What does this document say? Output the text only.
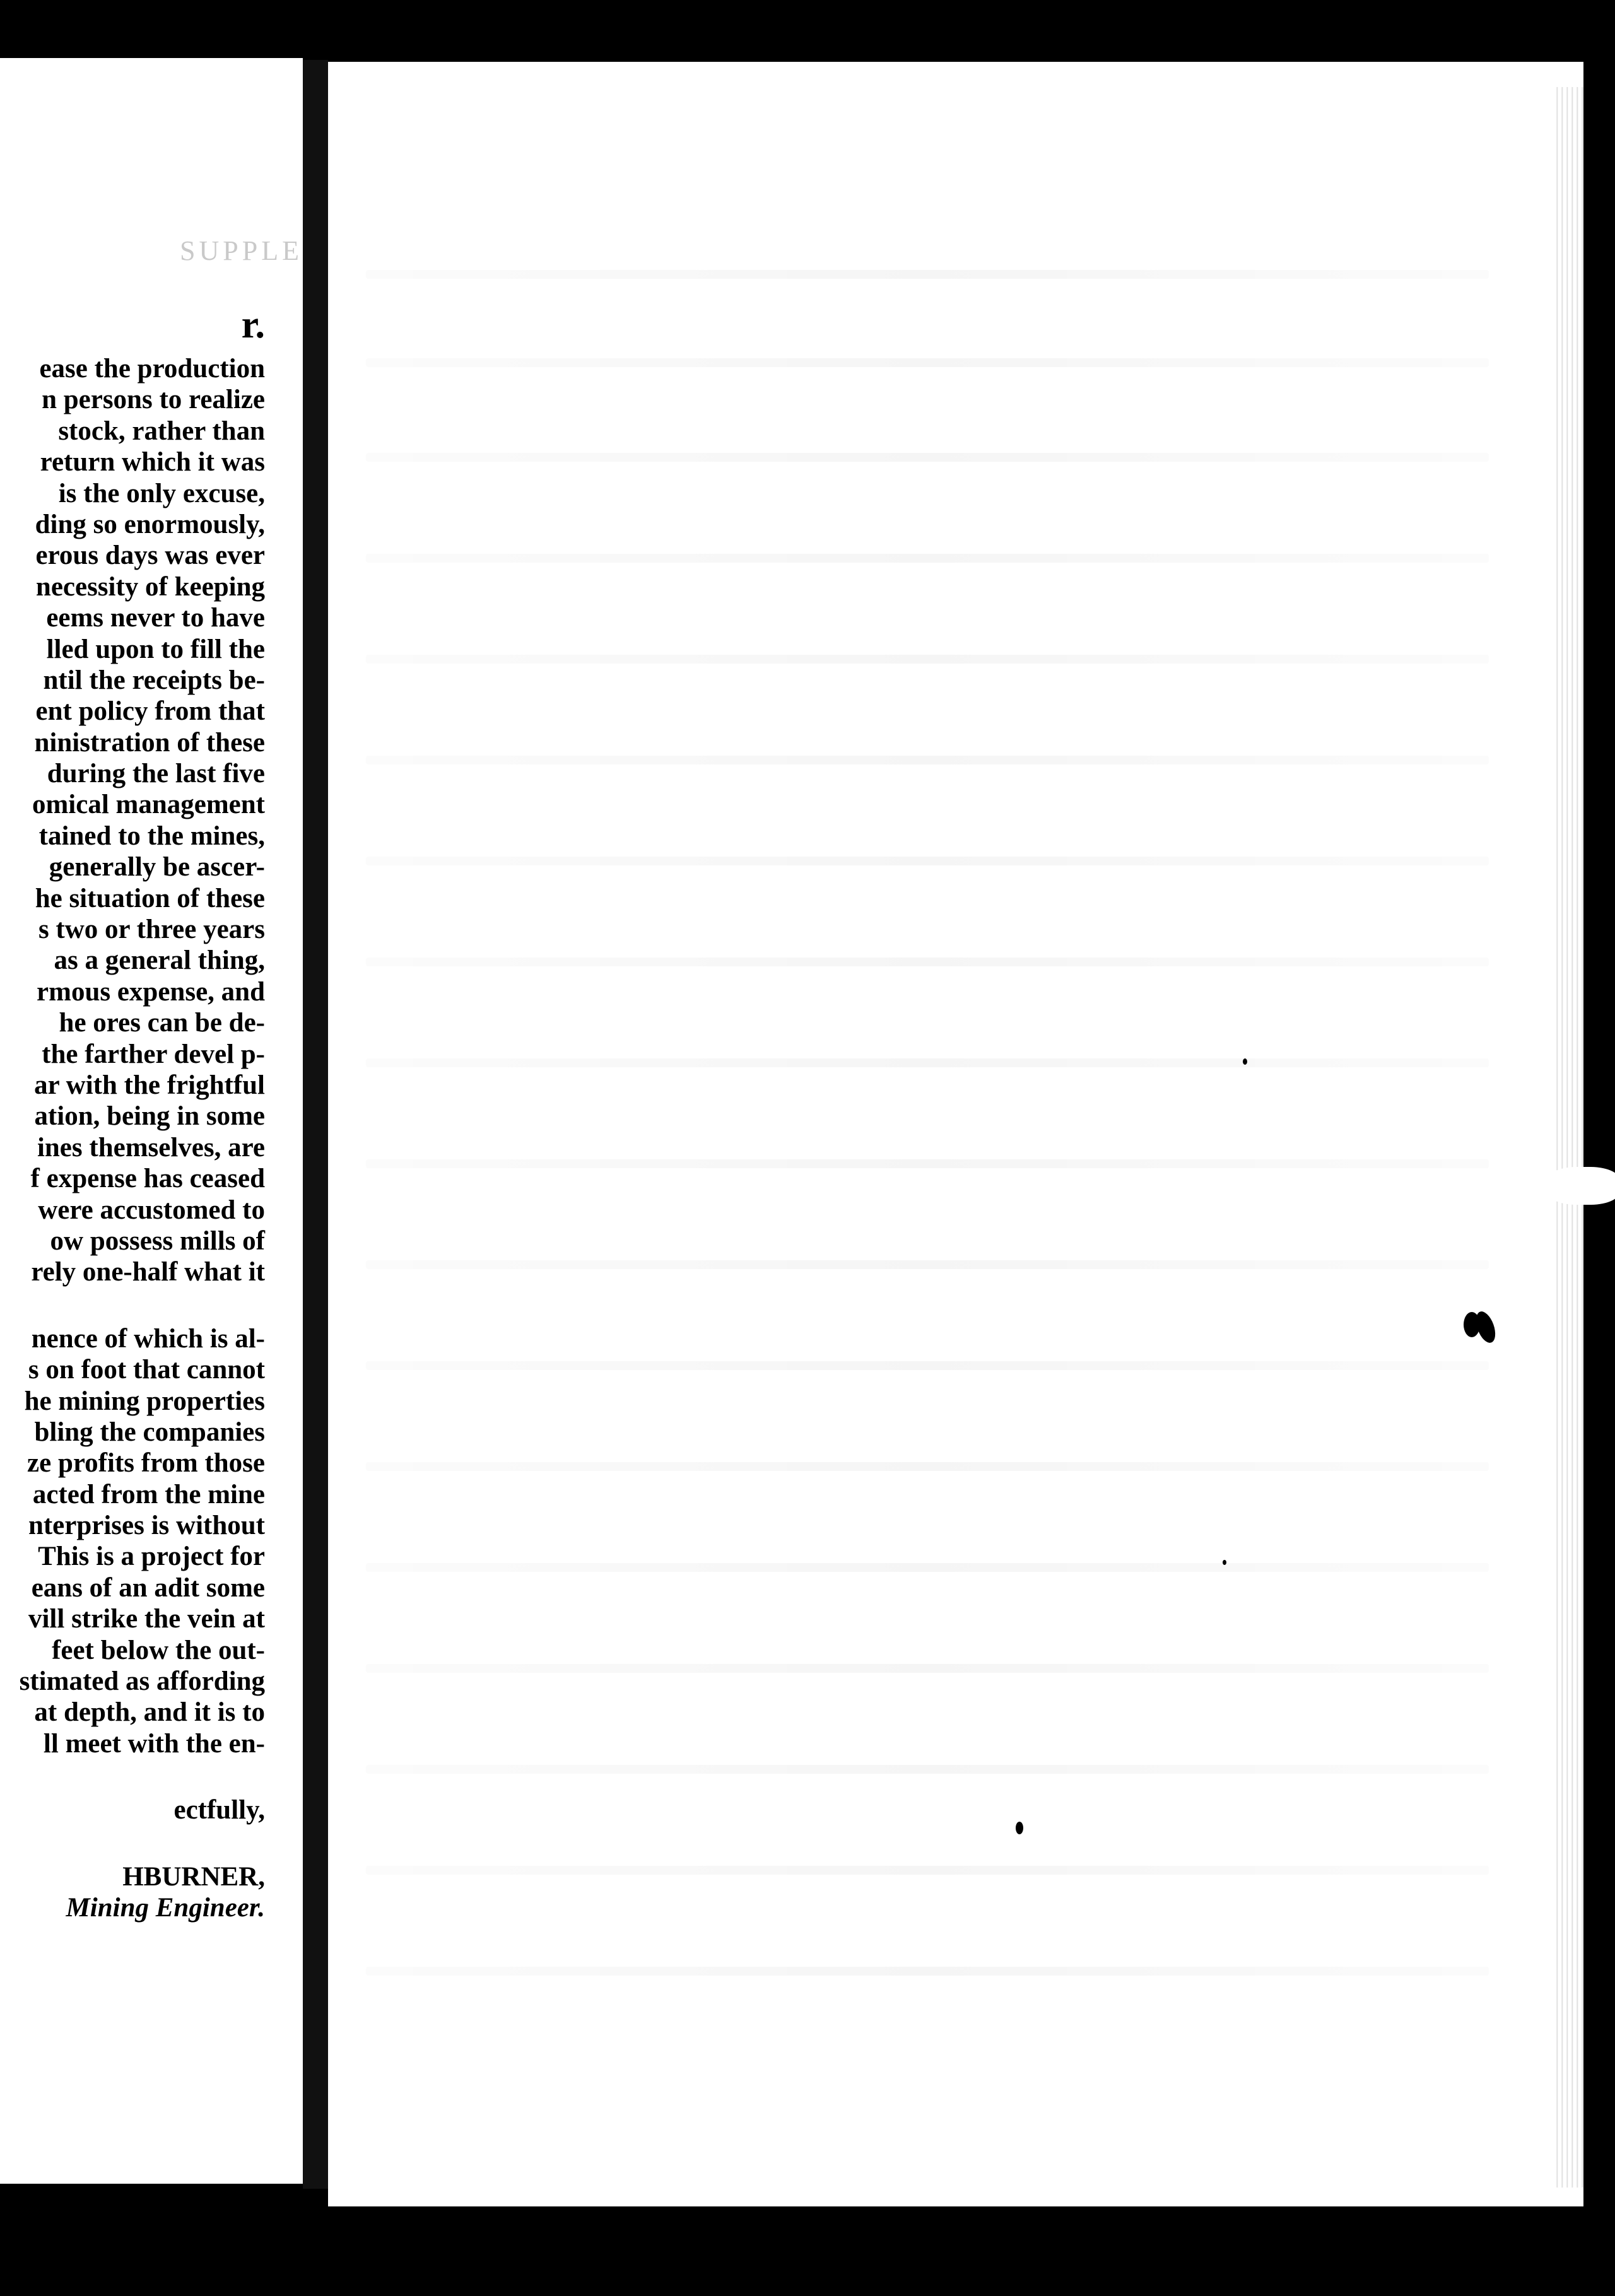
SUPPLE
r.
ease the production
n persons to realize
stock, rather than
return which it was
is the only excuse,
ding so enormously,
erous days was ever
necessity of keeping
eems never to have
lled upon to fill the
ntil the receipts be-
ent policy from that
ninistration of these
during the last five
omical management
tained to the mines,
generally be ascer-
he situation of these
s two or three years
as a general thing,
rmous expense, and
he ores can be de-
the farther devel p-
ar with the frightful
ation, being in some
ines themselves, are
f expense has ceased
were accustomed to
ow possess mills of
rely one-half what it
nence of which is al-
s on foot that cannot
he mining properties
bling the companies
ze profits from those
acted from the mine
nterprises is without
This is a project for
eans of an adit some
vill strike the vein at
feet below the out-
stimated as affording
at depth, and it is to
ll meet with the en-
ectfully,
HBURNER,
Mining Engineer.
